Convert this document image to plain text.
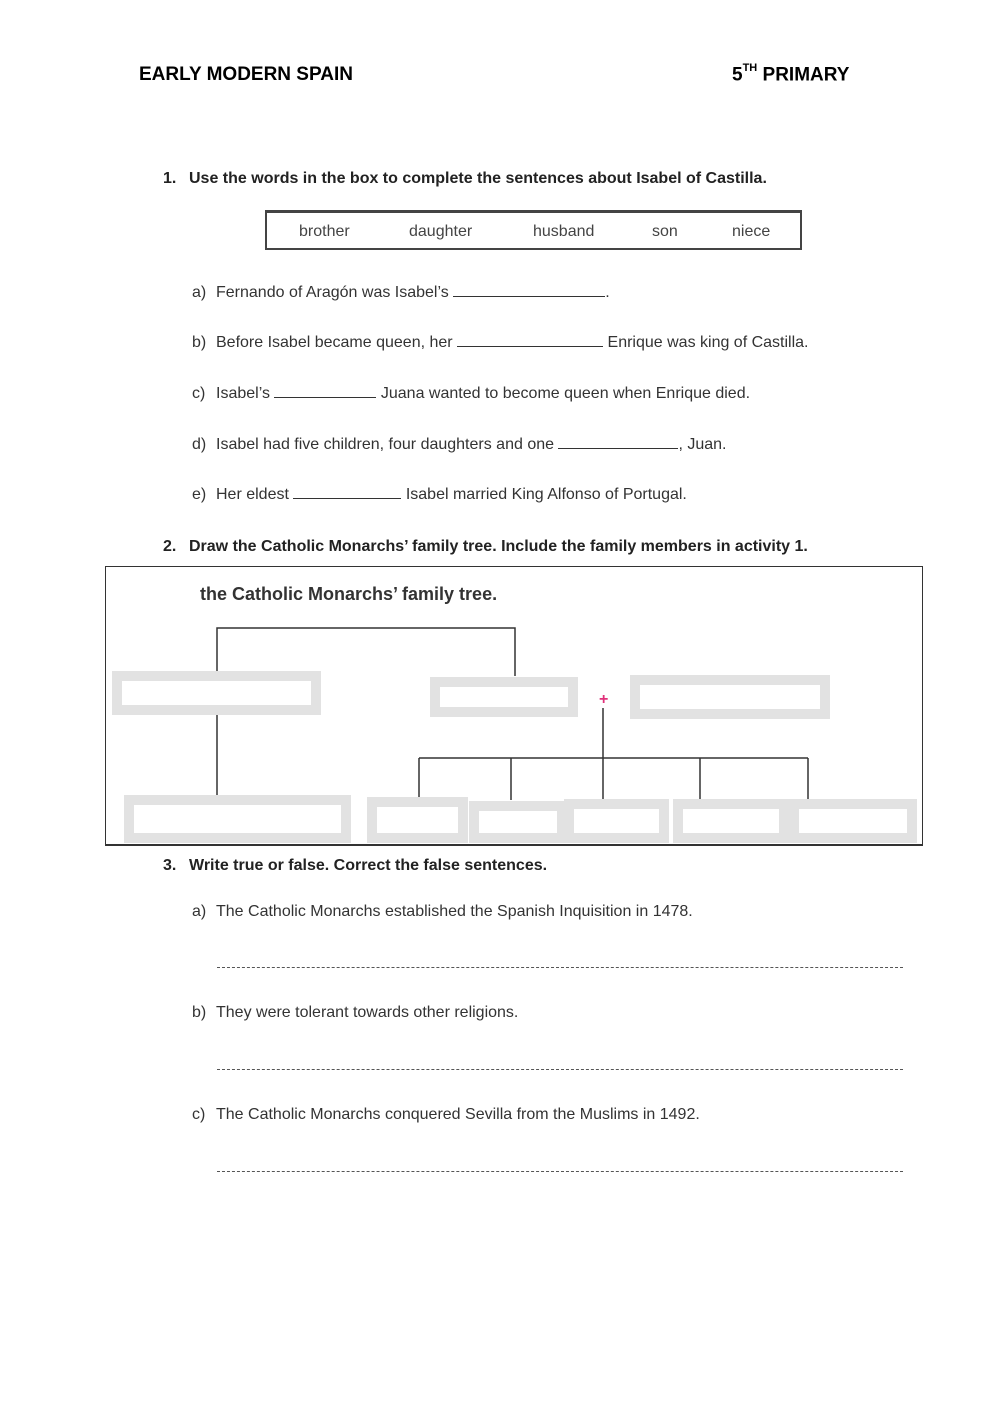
EARLY MODERN SPAIN	5TH PRIMARY
1. Use the words in the box to complete the sentences about Isabel of Castilla.
brother	daughter	husband	son	niece
a) Fernando of Aragón was Isabel’s	.
b) Before Isabel became queen, her	Enrique was king of Castilla.
c) Isabel’s	Juana wanted to become queen when Enrique died.
d) Isabel had five children, four daughters and one	, Juan.
e) Her eldest	Isabel married King Alfonso of Portugal.
2. Draw the Catholic Monarchs’ family tree. Include the family members in activity 1.
the Catholic Monarchs’ family tree.
+
3. Write true or false. Correct the false sentences.
a) The Catholic Monarchs established the Spanish Inquisition in 1478.
b) They were tolerant towards other religions.
c) The Catholic Monarchs conquered Sevilla from the Muslims in 1492.
